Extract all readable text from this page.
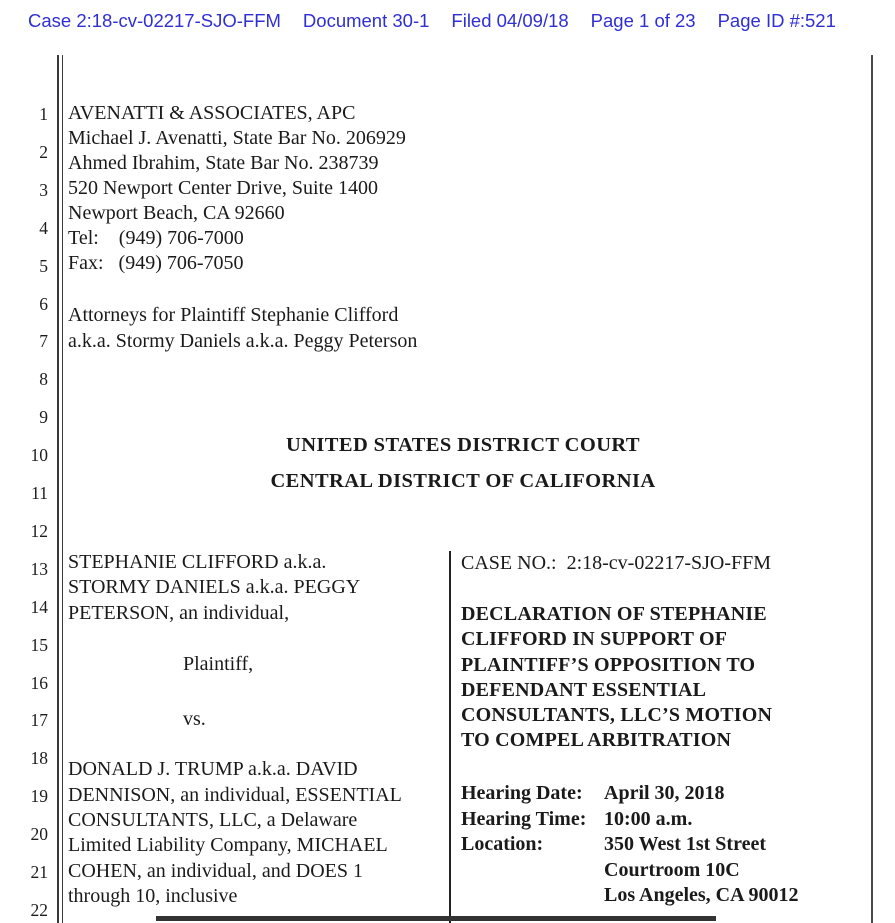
Case 2:18-cv-02217-SJO-FFM Document 30-1 Filed 04/09/18 Page 1 of 23 Page ID #:521
1
2
3
4
5
6
7
8
9
10
11
12
13
14
15
16
17
18
19
20
21
22
AVENATTI & ASSOCIATES, APC
Michael J. Avenatti, State Bar No. 206929
Ahmed Ibrahim, State Bar No. 238739
520 Newport Center Drive, Suite 1400
Newport Beach, CA 92660
Tel:    (949) 706-7000
Fax:   (949) 706-7050
Attorneys for Plaintiff Stephanie Clifford
a.k.a. Stormy Daniels a.k.a. Peggy Peterson
UNITED STATES DISTRICT COURT
CENTRAL DISTRICT OF CALIFORNIA
STEPHANIE CLIFFORD a.k.a.
STORMY DANIELS a.k.a. PEGGY
PETERSON, an individual,
Plaintiff,
vs.
DONALD J. TRUMP a.k.a. DAVID
DENNISON, an individual, ESSENTIAL
CONSULTANTS, LLC, a Delaware
Limited Liability Company, MICHAEL
COHEN, an individual, and DOES 1
through 10, inclusive
CASE NO.:  2:18-cv-02217-SJO-FFM
DECLARATION OF STEPHANIE
CLIFFORD IN SUPPORT OF
PLAINTIFF’S OPPOSITION TO
DEFENDANT ESSENTIAL
CONSULTANTS, LLC’S MOTION
TO COMPEL ARBITRATION
Hearing Date:	April 30, 2018
Hearing Time: 10:00 a.m.
Location:	350 West 1st Street
Courtroom 10C
Los Angeles, CA 90012
